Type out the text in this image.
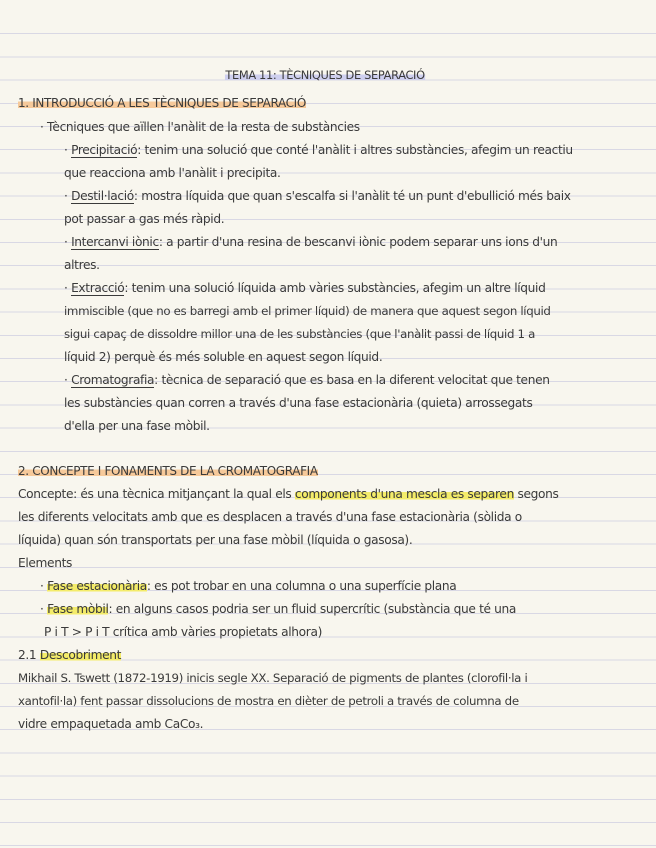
TEMA 11: TÈCNIQUES DE SEPARACIÓ
1. INTRODUCCIÓ A LES TÈCNIQUES DE SEPARACIÓ
· Tècniques que aïllen l'anàlit de la resta de substàncies
· Precipitació: tenim una solució que conté l'anàlit i altres substàncies, afegim un reactiu
que reacciona amb l'anàlit i precipita.
· Destil·lació: mostra líquida que quan s'escalfa si l'anàlit té un punt d'ebullició més baix
pot passar a gas més ràpid.
· Intercanvi iònic: a partir d'una resina de bescanvi iònic podem separar uns ions d'un
altres.
· Extracció: tenim una solució líquida amb vàries substàncies, afegim un altre líquid
immiscible (que no es barregi amb el primer líquid) de manera que aquest segon líquid
sigui capaç de dissoldre millor una de les substàncies (que l'anàlit passi de líquid 1 a
líquid 2) perquè és més soluble en aquest segon líquid.
· Cromatografia: tècnica de separació que es basa en la diferent velocitat que tenen
les substàncies quan corren a través d'una fase estacionària (quieta) arrossegats
d'ella per una fase mòbil.
2. CONCEPTE I FONAMENTS DE LA CROMATOGRAFIA
Concepte: és una tècnica mitjançant la qual els components d'una mescla es separen segons
les diferents velocitats amb que es desplacen a través d'una fase estacionària (sòlida o
líquida) quan són transportats per una fase mòbil (líquida o gasosa).
Elements
· Fase estacionària: es pot trobar en una columna o una superfície plana
· Fase mòbil: en alguns casos podria ser un fluid supercrític (substància que té una
P i T > P i T crítica amb vàries propietats alhora)
2.1 Descobriment
Mikhail S. Tswett (1872-1919) inicis segle XX. Separació de pigments de plantes (clorofil·la i
xantofil·la) fent passar dissolucions de mostra en dièter de petroli a través de columna de
vidre empaquetada amb CaCo₃.
